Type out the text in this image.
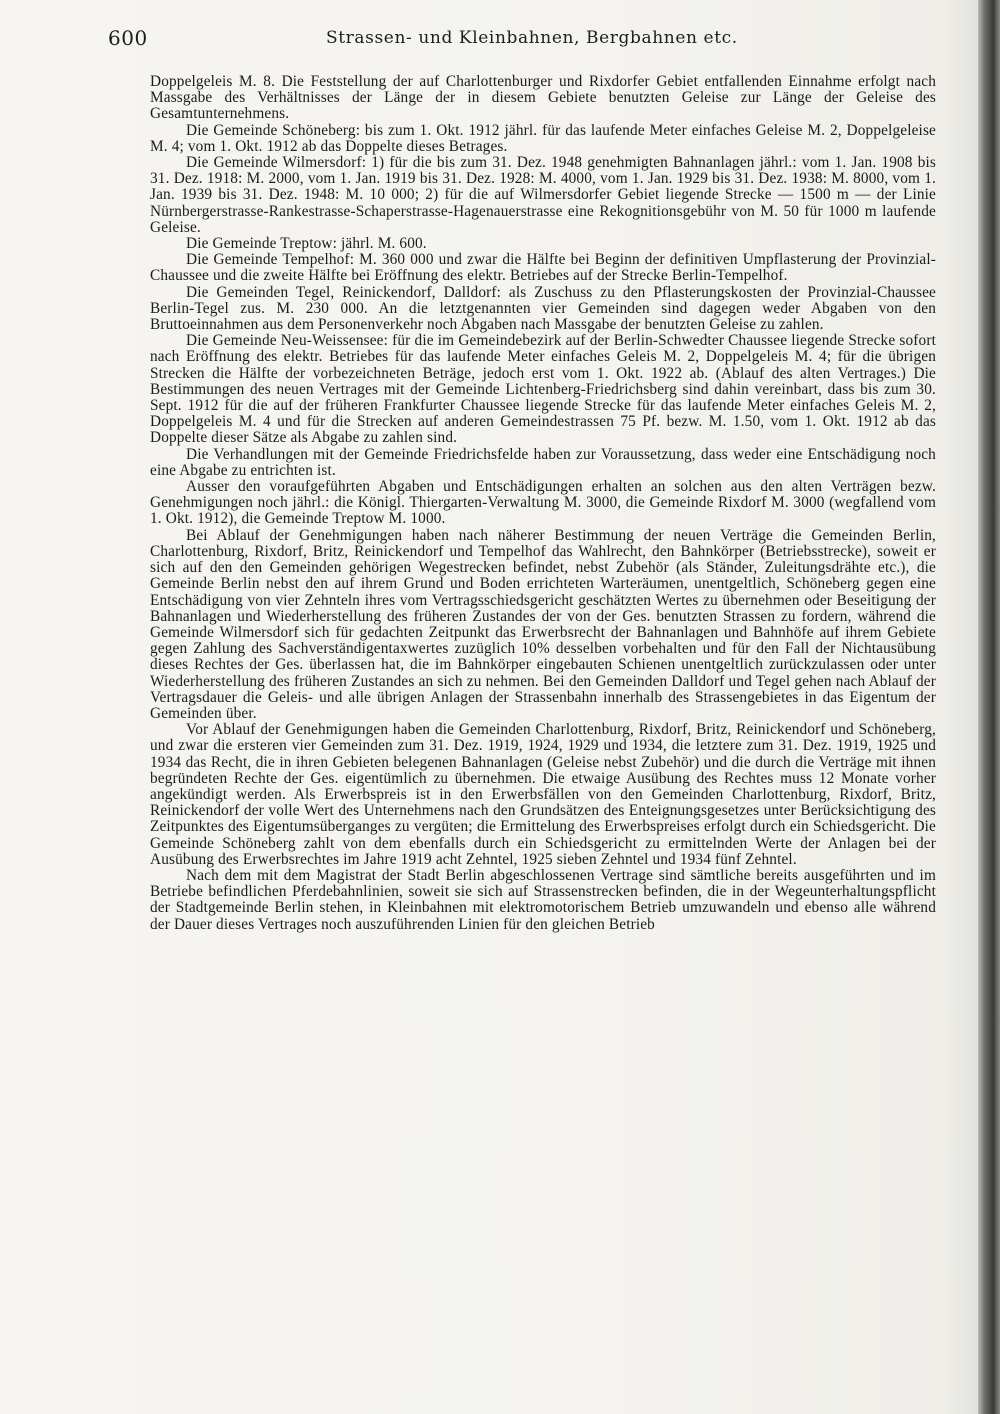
600	Strassen- und Kleinbahnen, Bergbahnen etc.

Doppelgeleis M. 8. Die Feststellung der auf Charlottenburger und Rixdorfer Gebiet entfallenden Einnahme erfolgt nach Massgabe des Verhältnisses der Länge der in diesem Gebiete benutzten Geleise zur Länge der Geleise des Gesamtunternehmens.

Die Gemeinde Schöneberg: bis zum 1. Okt. 1912 jährl. für das laufende Meter einfaches Geleise M. 2, Doppelgeleise M. 4; vom 1. Okt. 1912 ab das Doppelte dieses Betrages.

Die Gemeinde Wilmersdorf: 1) für die bis zum 31. Dez. 1948 genehmigten Bahnanlagen jährl.: vom 1. Jan. 1908 bis 31. Dez. 1918: M. 2000, vom 1. Jan. 1919 bis 31. Dez. 1928: M. 4000, vom 1. Jan. 1929 bis 31. Dez. 1938: M. 8000, vom 1. Jan. 1939 bis 31. Dez. 1948: M. 10 000; 2) für die auf Wilmersdorfer Gebiet liegende Strecke — 1500 m — der Linie Nürnbergerstrasse-Rankestrasse-Schaperstrasse-Hagenauerstrasse eine Rekognitionsgebühr von M. 50 für 1000 m laufende Geleise.

Die Gemeinde Treptow: jährl. M. 600.

Die Gemeinde Tempelhof: M. 360 000 und zwar die Hälfte bei Beginn der definitiven Umpflasterung der Provinzial-Chaussee und die zweite Hälfte bei Eröffnung des elektr. Betriebes auf der Strecke Berlin-Tempelhof.

Die Gemeinden Tegel, Reinickendorf, Dalldorf: als Zuschuss zu den Pflasterungskosten der Provinzial-Chaussee Berlin-Tegel zus. M. 230 000. An die letztgenannten vier Gemeinden sind dagegen weder Abgaben von den Bruttoeinnahmen aus dem Personenverkehr noch Abgaben nach Massgabe der benutzten Geleise zu zahlen.

Die Gemeinde Neu-Weissensee: für die im Gemeindebezirk auf der Berlin-Schwedter Chaussee liegende Strecke sofort nach Eröffnung des elektr. Betriebes für das laufende Meter einfaches Geleis M. 2, Doppelgeleis M. 4; für die übrigen Strecken die Hälfte der vorbezeichneten Beträge, jedoch erst vom 1. Okt. 1922 ab. (Ablauf des alten Vertrages.) Die Bestimmungen des neuen Vertrages mit der Gemeinde Lichtenberg-Friedrichsberg sind dahin vereinbart, dass bis zum 30. Sept. 1912 für die auf der früheren Frankfurter Chaussee liegende Strecke für das laufende Meter einfaches Geleis M. 2, Doppelgeleis M. 4 und für die Strecken auf anderen Gemeindestrassen 75 Pf. bezw. M. 1.50, vom 1. Okt. 1912 ab das Doppelte dieser Sätze als Abgabe zu zahlen sind.

Die Verhandlungen mit der Gemeinde Friedrichsfelde haben zur Voraussetzung, dass weder eine Entschädigung noch eine Abgabe zu entrichten ist.

Ausser den voraufgeführten Abgaben und Entschädigungen erhalten an solchen aus den alten Verträgen bezw. Genehmigungen noch jährl.: die Königl. Thiergarten-Verwaltung M. 3000, die Gemeinde Rixdorf M. 3000 (wegfallend vom 1. Okt. 1912), die Gemeinde Treptow M. 1000.

Bei Ablauf der Genehmigungen haben nach näherer Bestimmung der neuen Verträge die Gemeinden Berlin, Charlottenburg, Rixdorf, Britz, Reinickendorf und Tempelhof das Wahlrecht, den Bahnkörper (Betriebsstrecke), soweit er sich auf den den Gemeinden gehörigen Wegestrecken befindet, nebst Zubehör (als Ständer, Zuleitungsdrähte etc.), die Gemeinde Berlin nebst den auf ihrem Grund und Boden errichteten Warteräumen, unentgeltlich, Schöneberg gegen eine Entschädigung von vier Zehnteln ihres vom Vertragsschiedsgericht geschätzten Wertes zu übernehmen oder Beseitigung der Bahnanlagen und Wiederherstellung des früheren Zustandes der von der Ges. benutzten Strassen zu fordern, während die Gemeinde Wilmersdorf sich für gedachten Zeitpunkt das Erwerbsrecht der Bahnanlagen und Bahnhöfe auf ihrem Gebiete gegen Zahlung des Sachverständigentaxwertes zuzüglich 10% desselben vorbehalten und für den Fall der Nichtausübung dieses Rechtes der Ges. überlassen hat, die im Bahnkörper eingebauten Schienen unentgeltlich zurückzulassen oder unter Wiederherstellung des früheren Zustandes an sich zu nehmen. Bei den Gemeinden Dalldorf und Tegel gehen nach Ablauf der Vertragsdauer die Geleis- und alle übrigen Anlagen der Strassenbahn innerhalb des Strassengebietes in das Eigentum der Gemeinden über.

Vor Ablauf der Genehmigungen haben die Gemeinden Charlottenburg, Rixdorf, Britz, Reinickendorf und Schöneberg, und zwar die ersteren vier Gemeinden zum 31. Dez. 1919, 1924, 1929 und 1934, die letztere zum 31. Dez. 1919, 1925 und 1934 das Recht, die in ihren Gebieten belegenen Bahnanlagen (Geleise nebst Zubehör) und die durch die Verträge mit ihnen begründeten Rechte der Ges. eigentümlich zu übernehmen. Die etwaige Ausübung des Rechtes muss 12 Monate vorher angekündigt werden. Als Erwerbspreis ist in den Erwerbsfällen von den Gemeinden Charlottenburg, Rixdorf, Britz, Reinickendorf der volle Wert des Unternehmens nach den Grundsätzen des Enteignungsgesetzes unter Berücksichtigung des Zeitpunktes des Eigentumsüberganges zu vergüten; die Ermittelung des Erwerbspreises erfolgt durch ein Schiedsgericht. Die Gemeinde Schöneberg zahlt von dem ebenfalls durch ein Schiedsgericht zu ermittelnden Werte der Anlagen bei der Ausübung des Erwerbsrechtes im Jahre 1919 acht Zehntel, 1925 sieben Zehntel und 1934 fünf Zehntel.

Nach dem mit dem Magistrat der Stadt Berlin abgeschlossenen Vertrage sind sämtliche bereits ausgeführten und im Betriebe befindlichen Pferdebahnlinien, soweit sie sich auf Strassenstrecken befinden, die in der Wegeunterhaltungspflicht der Stadtgemeinde Berlin stehen, in Kleinbahnen mit elektromotorischem Betrieb umzuwandeln und ebenso alle während der Dauer dieses Vertrages noch auszuführenden Linien für den gleichen Betrieb
